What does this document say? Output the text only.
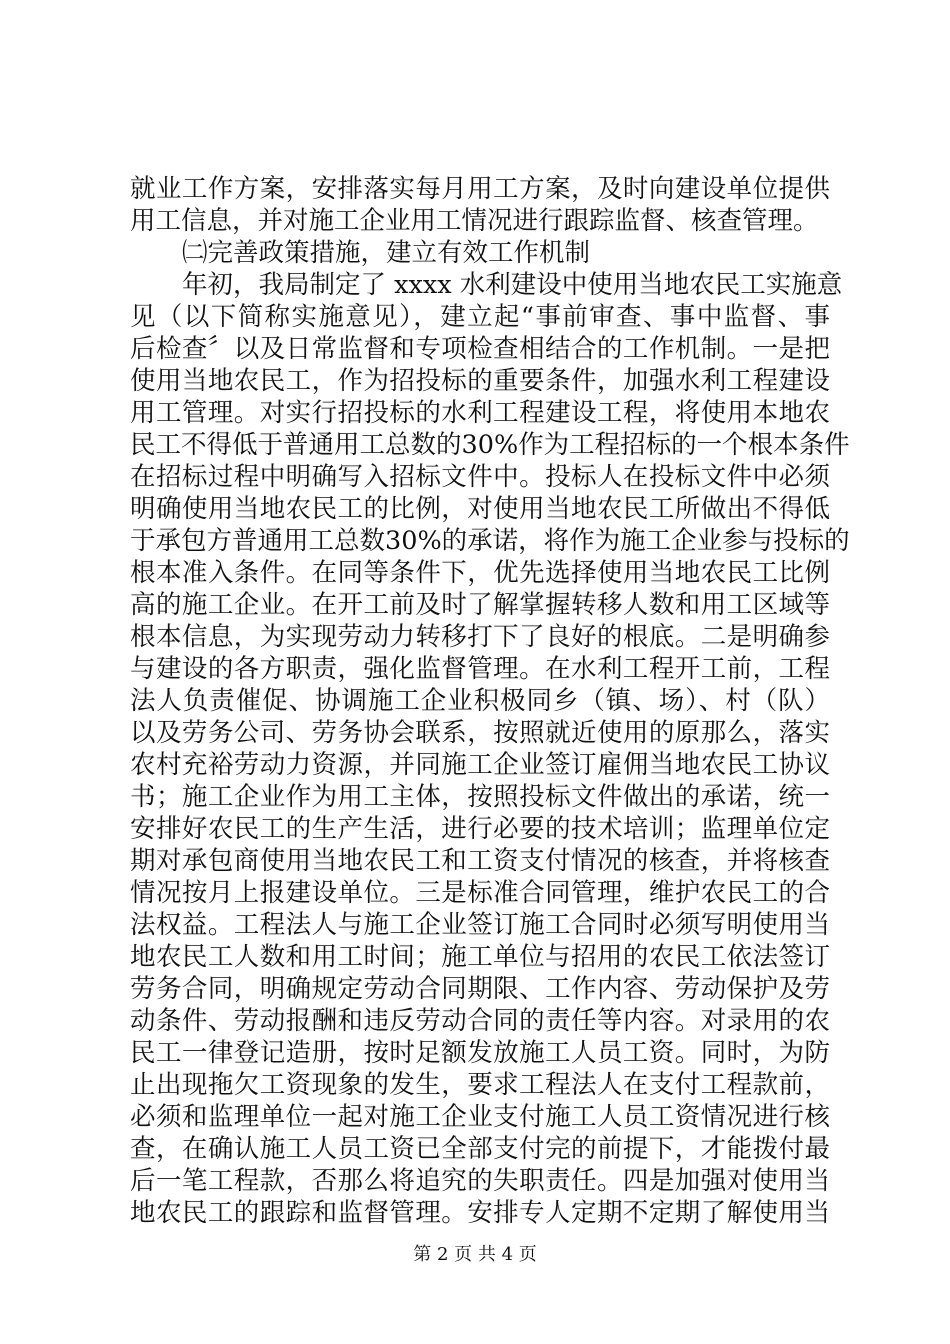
就业工作方案，安排落实每月用工方案，及时向建设单位提供
用工信息，并对施工企业用工情况进行跟踪监督、核查管理。
㈡完善政策措施，建立有效工作机制
年初，我局制定了 xxxx 水利建设中使用当地农民工实施意
见（以下简称实施意见），建立起“事前审查、事中监督、事
后检查〞以及日常监督和专项检查相结合的工作机制。一是把
使用当地农民工，作为招投标的重要条件，加强水利工程建设
用工管理。对实行招投标的水利工程建设工程，将使用本地农
民工不得低于普通用工总数的30%作为工程招标的一个根本条件
在招标过程中明确写入招标文件中。投标人在投标文件中必须
明确使用当地农民工的比例，对使用当地农民工所做出不得低
于承包方普通用工总数30%的承诺，将作为施工企业参与投标的
根本准入条件。在同等条件下，优先选择使用当地农民工比例
高的施工企业。在开工前及时了解掌握转移人数和用工区域等
根本信息，为实现劳动力转移打下了良好的根底。二是明确参
与建设的各方职责，强化监督管理。在水利工程开工前，工程
法人负责催促、协调施工企业积极同乡（镇、场）、村（队）
以及劳务公司、劳务协会联系，按照就近使用的原那么，落实
农村充裕劳动力资源，并同施工企业签订雇佣当地农民工协议
书；施工企业作为用工主体，按照投标文件做出的承诺，统一
安排好农民工的生产生活，进行必要的技术培训；监理单位定
期对承包商使用当地农民工和工资支付情况的核查，并将核查
情况按月上报建设单位。三是标准合同管理，维护农民工的合
法权益。工程法人与施工企业签订施工合同时必须写明使用当
地农民工人数和用工时间；施工单位与招用的农民工依法签订
劳务合同，明确规定劳动合同期限、工作内容、劳动保护及劳
动条件、劳动报酬和违反劳动合同的责任等内容。对录用的农
民工一律登记造册，按时足额发放施工人员工资。同时，为防
止出现拖欠工资现象的发生，要求工程法人在支付工程款前，
必须和监理单位一起对施工企业支付施工人员工资情况进行核
查，在确认施工人员工资已全部支付完的前提下，才能拨付最
后一笔工程款，否那么将追究的失职责任。四是加强对使用当
地农民工的跟踪和监督管理。安排专人定期不定期了解使用当
第 2 页 共 4 页
